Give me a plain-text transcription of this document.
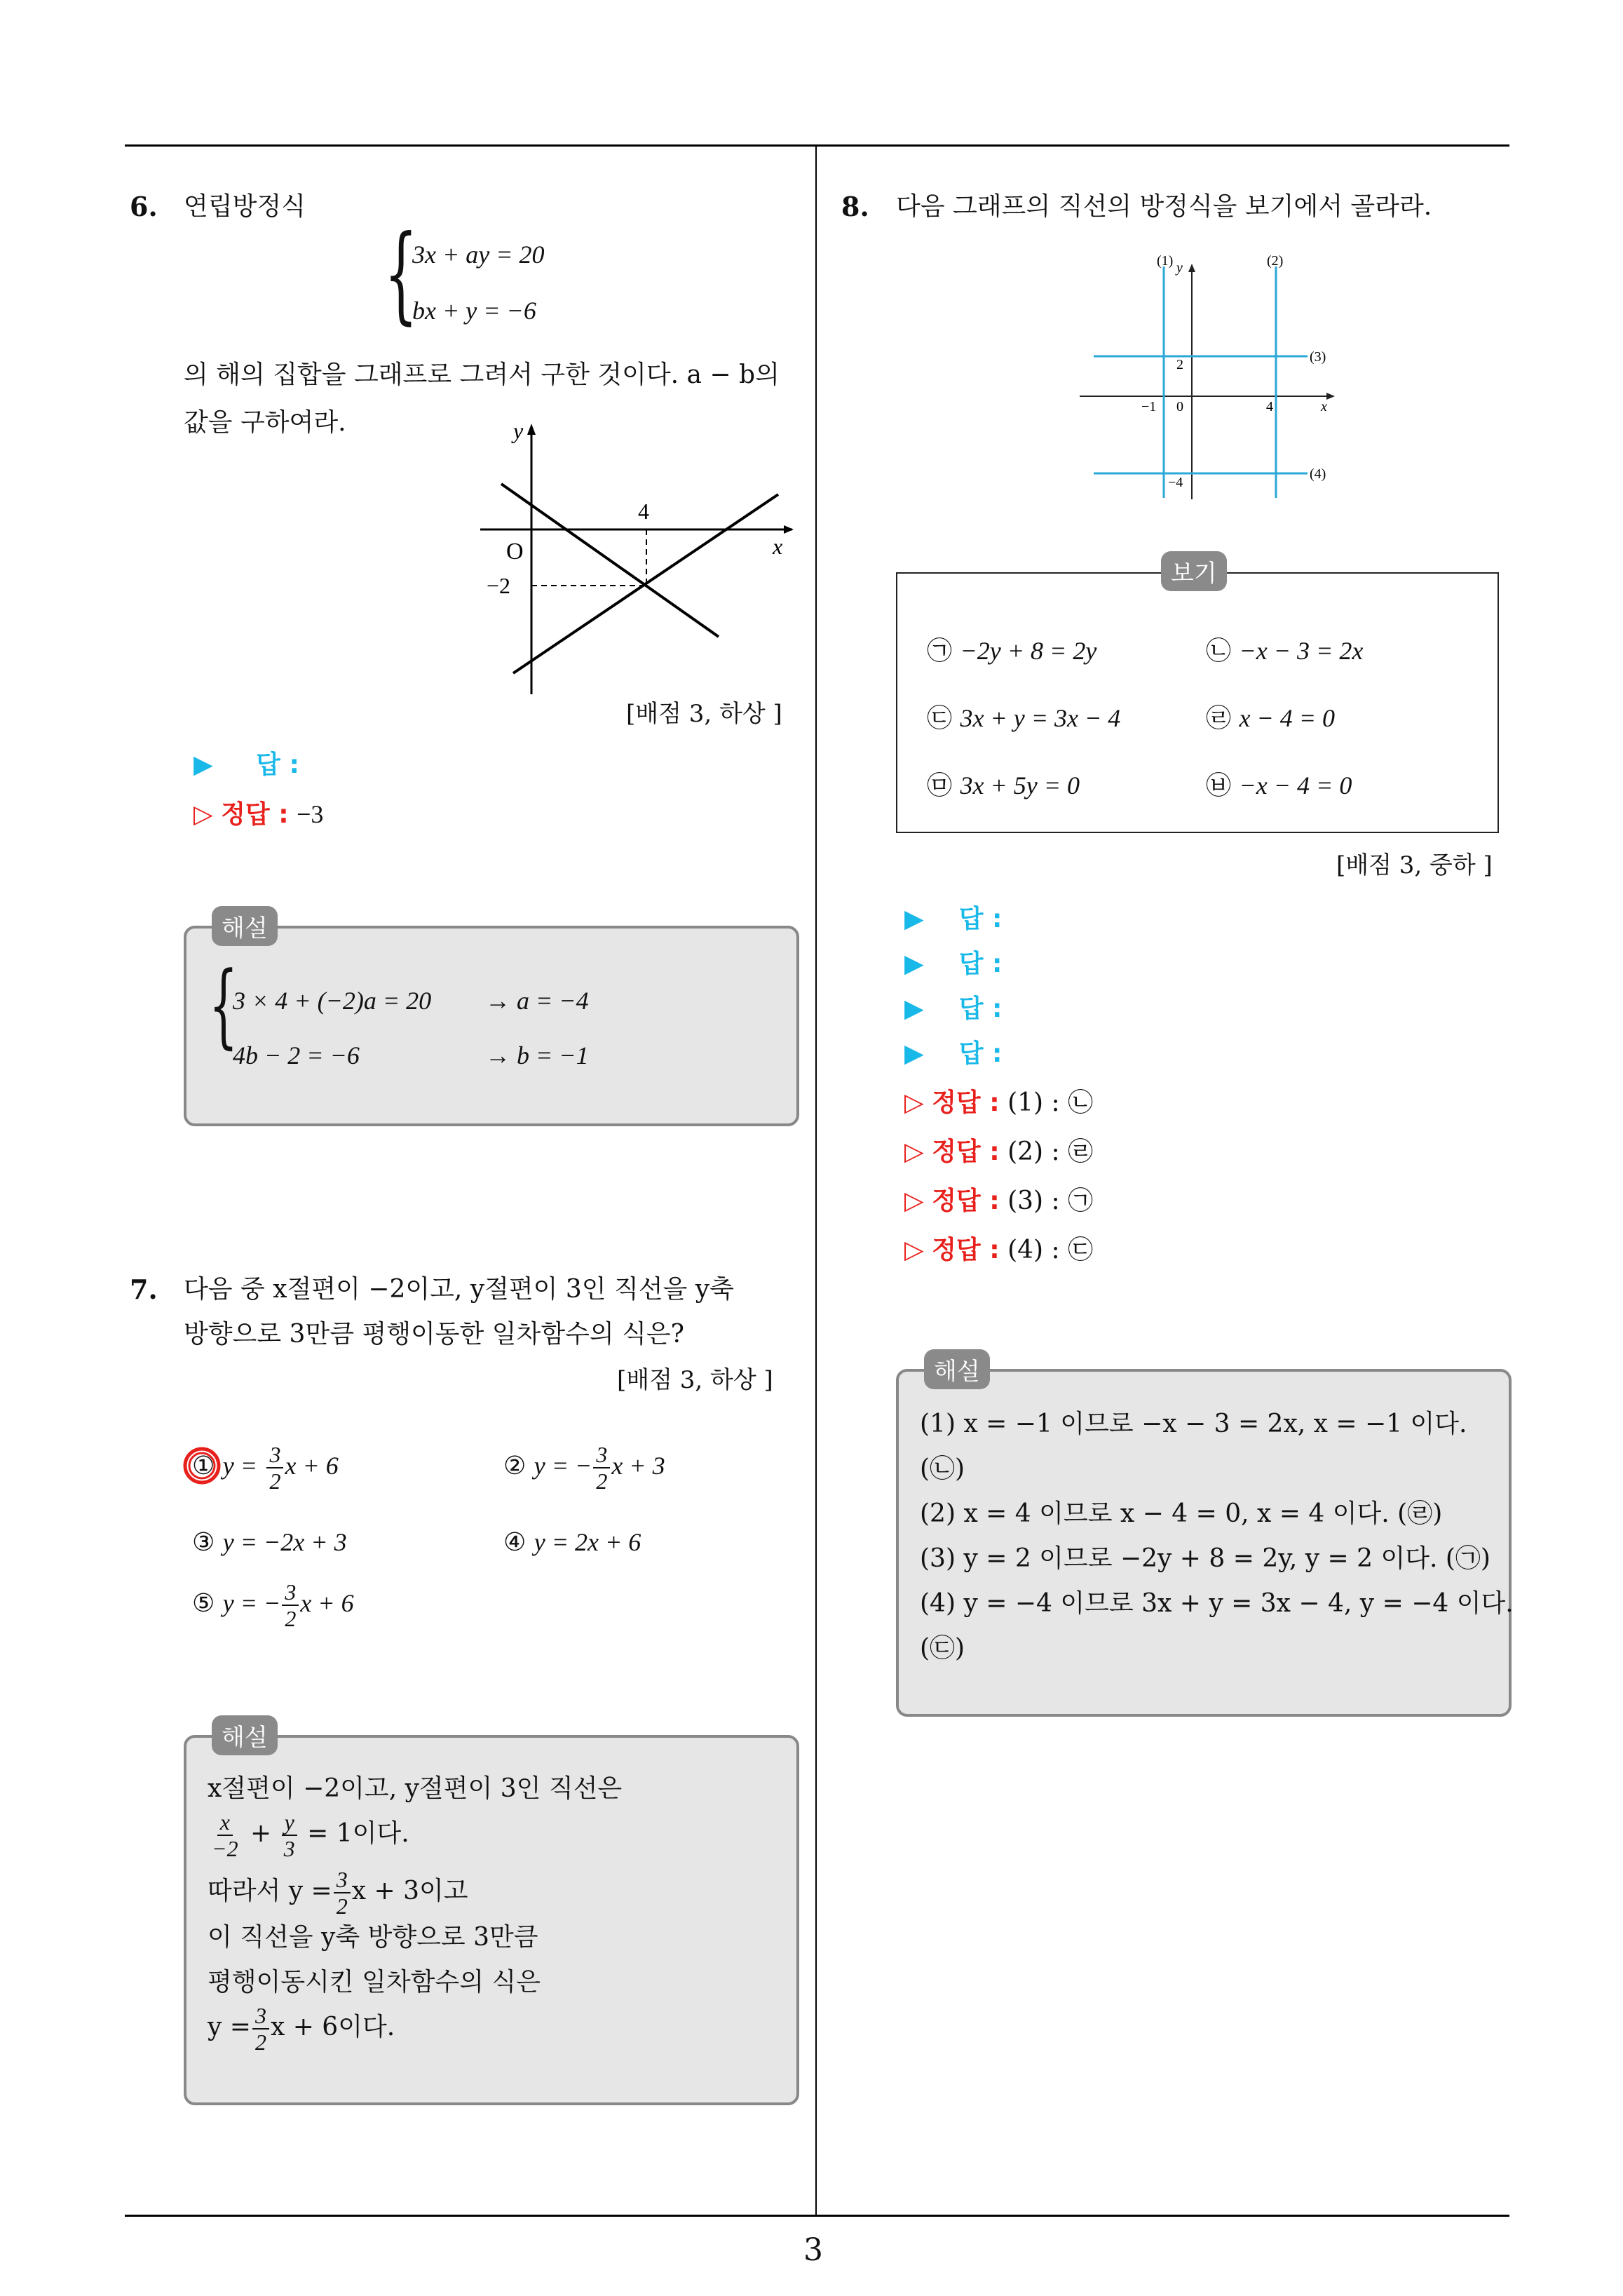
3
6. 연립방정식
{
3x + ay = 20
bx + y = −6
의 해의 집합을 그래프로 그려서 구한 것이다. a − b의
값을 구하여라.	y
x
O
4
−2
[배점 3, 하상 ]
▶ 답 :
▷ 정답 : −3
해설
{
3 × 4 + (−2)a = 20 → a = −4
4b − 2 = −6	→ b = −1
7. 다음 중 x절편이 −2이고, y절편이 3인 직선을 y축
방향으로 3만큼 평행이동한 일차함수의 식은?
[배점 3, 하상 ]
① $y = \frac{3}{2}$ x + 6	② y = − $\frac{3}{2}$ x + 3
③ y = −2x + 3	④ y = 2x + 6
⑤ y = − $\frac{3}{2}$ x + 6
해설
x절편이 −2이고, y절편이 3인 직선은
$\frac{x}{-2} + \frac{y}{3} = 1$이다.
따라서 $y = \frac{3}{2}$ x + 3이고
이 직선을 y축 방향으로 3만큼
평행이동시킨 일차함수의 식은
$y = \frac{3}{2}$ x + 6이다.
8. 다음 그래프의 직선의 방정식을 보기에서 골라라.
(1) y	(2)
(3)
(4)
2
−1 0	4	x
−4
보기
㉠ −2y + 8 = 2y	㉡ −x − 3 = 2x
㉢ 3x + y = 3x − 4	㉣ x − 4 = 0
㉤ 3x + 5y = 0	㉥ −x − 4 = 0
[배점 3, 중하 ]
▶ 답 :
▶ 답 :
▶ 답 :
▶ 답 :
▷ 정답 : (1) : ㉡
▷ 정답 : (2) : ㉣
▷ 정답 : (3) : ㉠
▷ 정답 : (4) : ㉢
해설
(1) x = −1 이므로 −x − 3 = 2x, x = −1 이다.
(㉡)
(2) x = 4 이므로 x − 4 = 0, x = 4 이다. (㉣)
(3) y = 2 이므로 −2y + 8 = 2y, y = 2 이다. (㉠)
(4) y = −4 이므로 3x + y = 3x − 4, y = −4 이다.
(㉢)
